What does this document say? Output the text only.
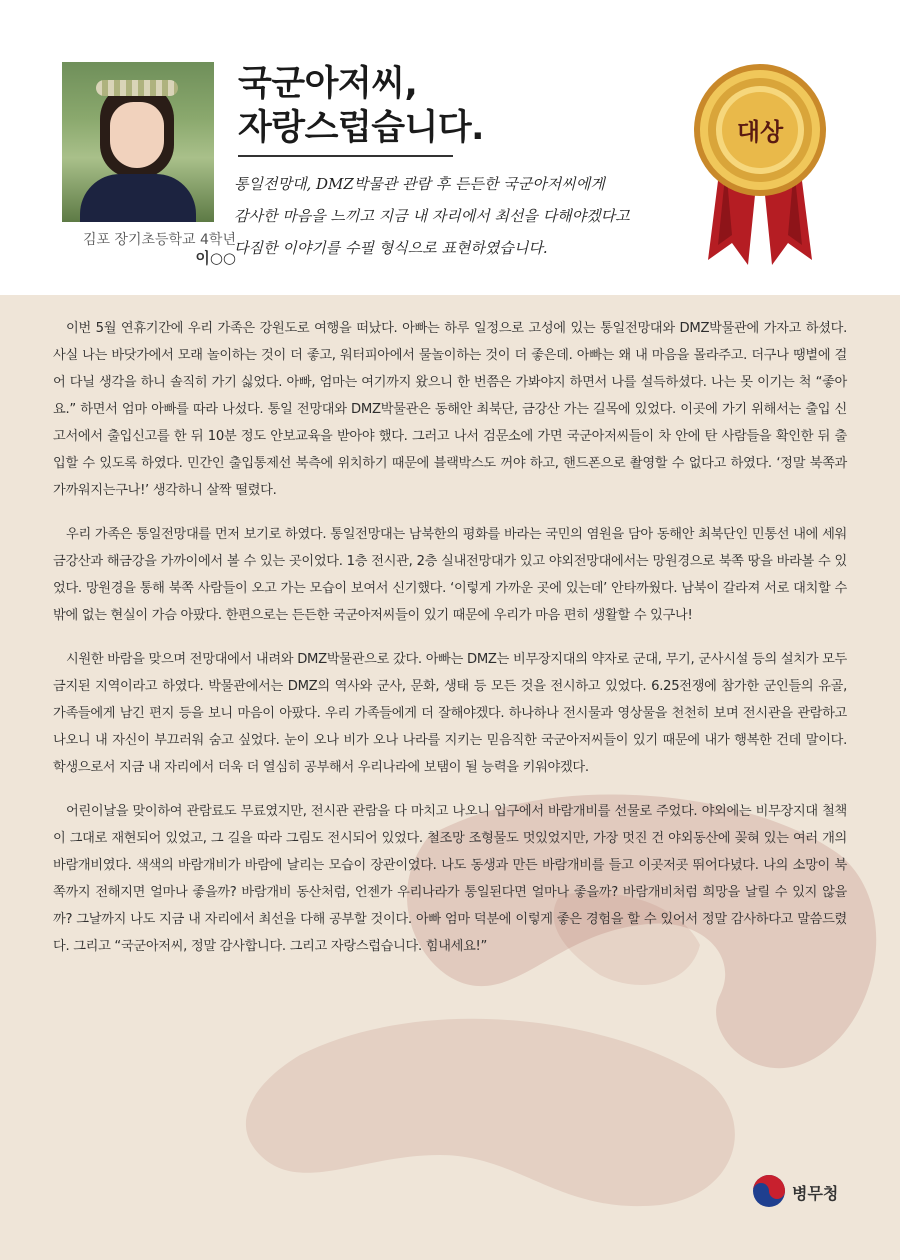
김포 장기초등학교 4학년
이○○
국군아저씨,
자랑스럽습니다.
통일전망대, DMZ박물관 관람 후 든든한 국군아저씨에게
감사한 마음을 느끼고 지금 내 자리에서 최선을 다해야겠다고
다짐한 이야기를 수필 형식으로 표현하였습니다.
대상

이번 5월 연휴기간에 우리 가족은 강원도로 여행을 떠났다. 아빠는 하루 일정으로 고성에 있는 통일전망대와 DMZ박물관에 가자고 하셨다. 사실 나는 바닷가에서 모래 놀이하는 것이 더 좋고, 워터피아에서 물놀이하는 것이 더 좋은데. 아빠는 왜 내 마음을 몰라주고. 더구나 땡볕에 걸어 다닐 생각을 하니 솔직히 가기 싫었다. 아빠, 엄마는 여기까지 왔으니 한 번쯤은 가봐야지 하면서 나를 설득하셨다. 나는 못 이기는 척 “좋아요.” 하면서 엄마 아빠를 따라 나섰다. 통일 전망대와 DMZ박물관은 동해안 최북단, 금강산 가는 길목에 있었다. 이곳에 가기 위해서는 출입 신고서에서 출입신고를 한 뒤 10분 정도 안보교육을 받아야 했다. 그러고 나서 검문소에 가면 국군아저씨들이 차 안에 탄 사람들을 확인한 뒤 출입할 수 있도록 하였다. 민간인 출입통제선 북측에 위치하기 때문에 블랙박스도 꺼야 하고, 핸드폰으로 촬영할 수 없다고 하였다. ‘정말 북쪽과 가까워지는구나!’ 생각하니 살짝 떨렸다.

우리 가족은 통일전망대를 먼저 보기로 하였다. 통일전망대는 남북한의 평화를 바라는 국민의 염원을 담아 동해안 최북단인 민통선 내에 세워 금강산과 해금강을 가까이에서 볼 수 있는 곳이었다. 1층 전시관, 2층 실내전망대가 있고 야외전망대에서는 망원경으로 북쪽 땅을 바라볼 수 있었다. 망원경을 통해 북쪽 사람들이 오고 가는 모습이 보여서 신기했다. ‘이렇게 가까운 곳에 있는데’ 안타까웠다. 남북이 갈라져 서로 대치할 수밖에 없는 현실이 가슴 아팠다. 한편으로는 든든한 국군아저씨들이 있기 때문에 우리가 마음 편히 생활할 수 있구나!

시원한 바람을 맞으며 전망대에서 내려와 DMZ박물관으로 갔다. 아빠는 DMZ는 비무장지대의 약자로 군대, 무기, 군사시설 등의 설치가 모두 금지된 지역이라고 하였다. 박물관에서는 DMZ의 역사와 군사, 문화, 생태 등 모든 것을 전시하고 있었다. 6.25전쟁에 참가한 군인들의 유골, 가족들에게 남긴 편지 등을 보니 마음이 아팠다. 우리 가족들에게 더 잘해야겠다. 하나하나 전시물과 영상물을 천천히 보며 전시관을 관람하고 나오니 내 자신이 부끄러워 숨고 싶었다. 눈이 오나 비가 오나 나라를 지키는 믿음직한 국군아저씨들이 있기 때문에 내가 행복한 건데 말이다. 학생으로서 지금 내 자리에서 더욱 더 열심히 공부해서 우리나라에 보탬이 될 능력을 키워야겠다.

어린이날을 맞이하여 관람료도 무료였지만, 전시관 관람을 다 마치고 나오니 입구에서 바람개비를 선물로 주었다. 야외에는 비무장지대 철책이 그대로 재현되어 있었고, 그 길을 따라 그림도 전시되어 있었다. 철조망 조형물도 멋있었지만, 가장 멋진 건 야외동산에 꽂혀 있는 여러 개의 바람개비였다. 색색의 바람개비가 바람에 날리는 모습이 장관이었다. 나도 동생과 만든 바람개비를 들고 이곳저곳 뛰어다녔다. 나의 소망이 북쪽까지 전해지면 얼마나 좋을까? 바람개비 동산처럼, 언젠가 우리나라가 통일된다면 얼마나 좋을까? 바람개비처럼 희망을 날릴 수 있지 않을까? 그날까지 나도 지금 내 자리에서 최선을 다해 공부할 것이다. 아빠 엄마 덕분에 이렇게 좋은 경험을 할 수 있어서 정말 감사하다고 말씀드렸다. 그리고 “국군아저씨, 정말 감사합니다. 그리고 자랑스럽습니다. 힘내세요!”

병무청
